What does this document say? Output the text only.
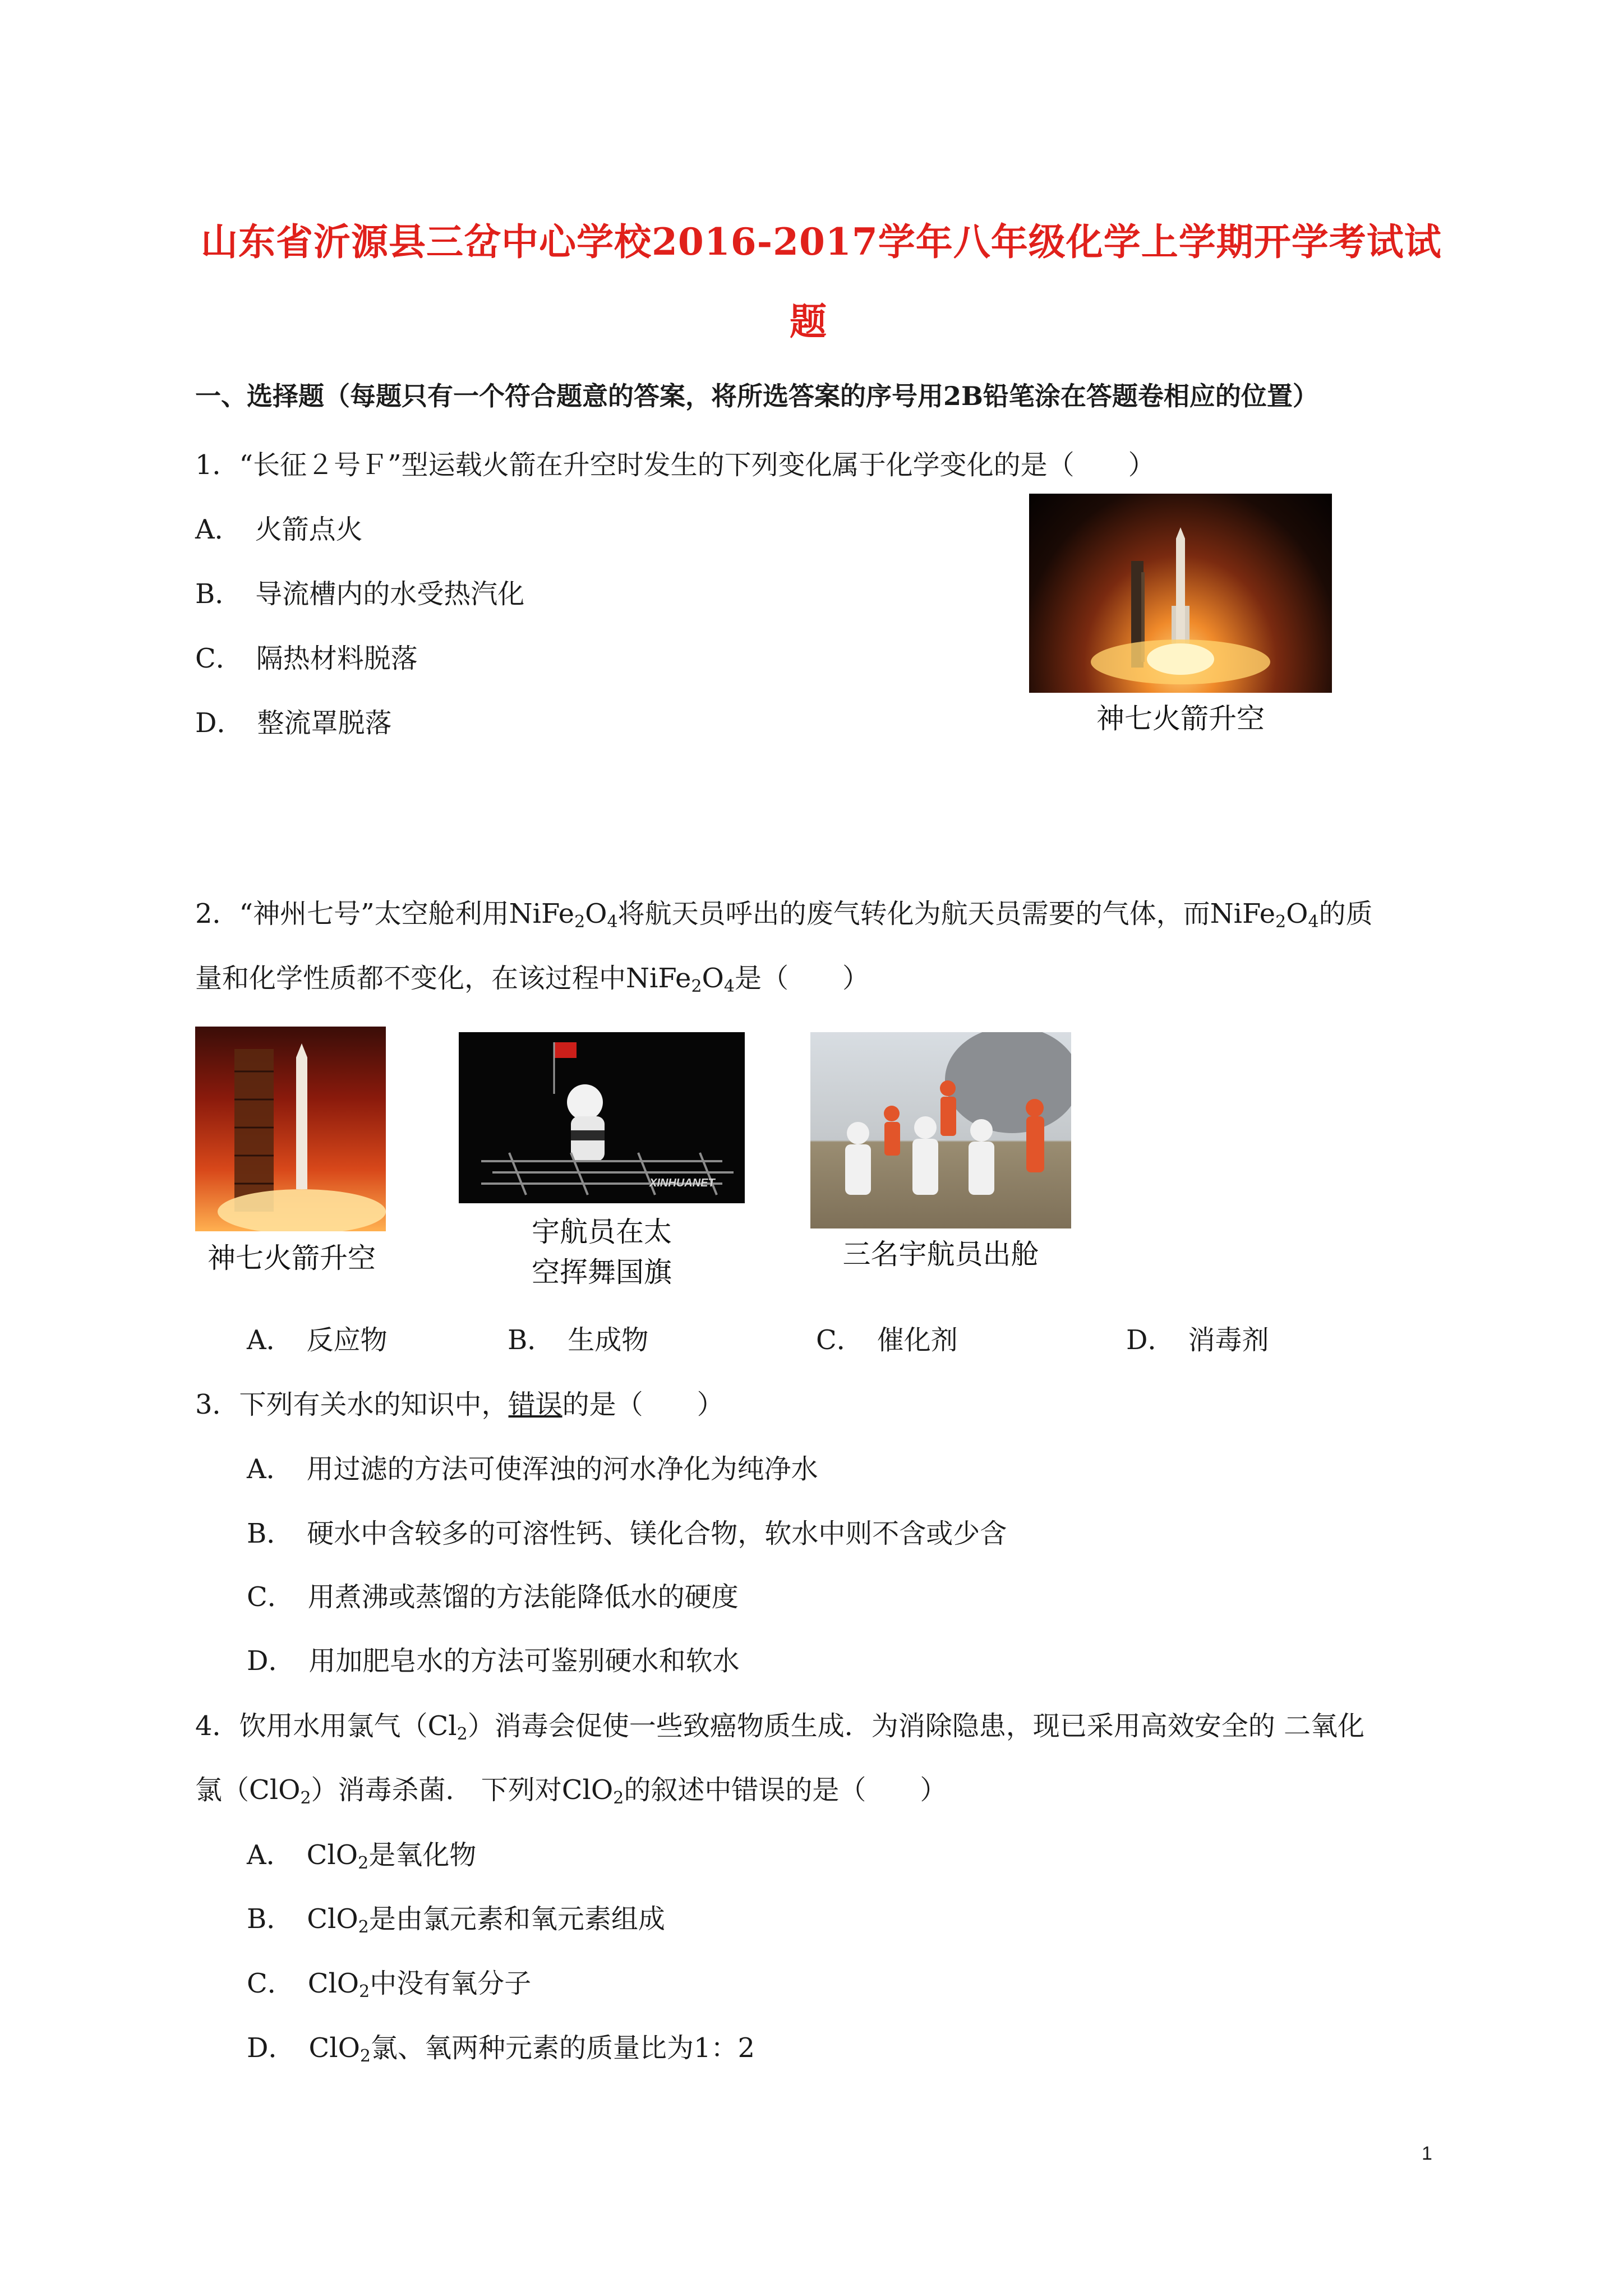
山东省沂源县三岔中心学校2016-2017学年八年级化学上学期开学考试试
题
一、选择题（每题只有一个符合题意的答案，将所选答案的序号用2B铅笔涂在答题卷相应的位置）
1．“长征２号Ｆ”型运载火箭在升空时发生的下列变化属于化学变化的是（　　）
A．　火箭点火
B．　导流槽内的水受热汽化
C．　隔热材料脱落
D．　整流罩脱落	神七火箭升空
2．“神州七号”太空舱利用$NiFe_2O_4$将航天员呼出的废气转化为航天员需要的气体，而$NiFe_2O_4$的质
量和化学性质都不变化，在该过程中$NiFe_2O_4$是（　　）
神七火箭升空
XINHUANET
宇航员在太
空挥舞国旗
三名宇航员出舱
A．　反应物	B．　生成物	C．　催化剂	D．　消毒剂
3．下列有关水的知识中，错误的是（　　）
A．　用过滤的方法可使浑浊的河水净化为纯净水
B．　硬水中含较多的可溶性钙、镁化合物，软水中则不含或少含
C．　用煮沸或蒸馏的方法能降低水的硬度
D．　用加肥皂水的方法可鉴别硬水和软水
4．饮用水用氯气$(Cl_2)$消毒会促使一些致癌物质生成．为消除隐患，现已采用高效安全的 二氧化
氯（ClO$_2$）消毒杀菌． 下列对ClO$_2$的叙述中错误的是（　　）
A．　ClO$_2$是氧化物
B．　ClO$_2$是由氯元素和氧元素组成
C．　ClO$_2$中没有氧分子
D．　ClO$_2$氯、氧两种元素的质量比为1：2
1
